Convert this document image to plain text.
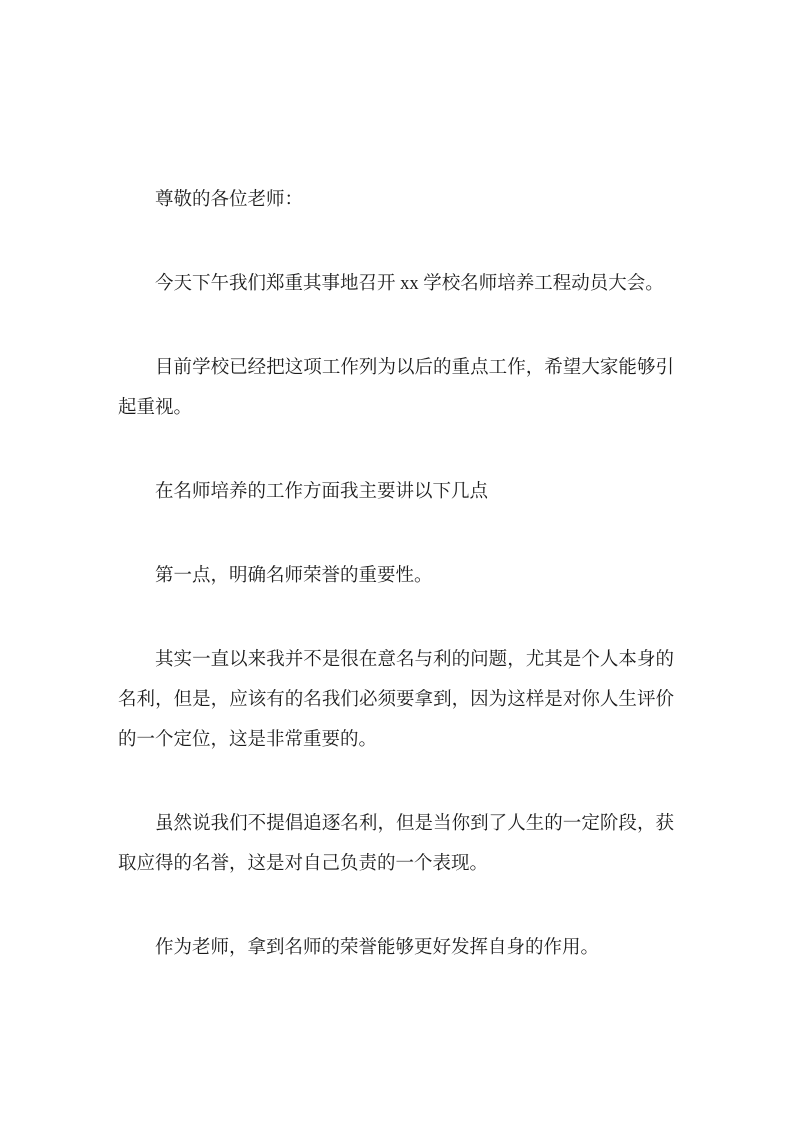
尊敬的各位老师：

今天下午我们郑重其事地召开 xx 学校名师培养工程动员大会。

目前学校已经把这项工作列为以后的重点工作，希望大家能够引起重视。

在名师培养的工作方面我主要讲以下几点

第一点，明确名师荣誉的重要性。

其实一直以来我并不是很在意名与利的问题，尤其是个人本身的名利，但是，应该有的名我们必须要拿到，因为这样是对你人生评价的一个定位，这是非常重要的。

虽然说我们不提倡追逐名利，但是当你到了人生的一定阶段，获取应得的名誉，这是对自己负责的一个表现。

作为老师，拿到名师的荣誉能够更好发挥自身的作用。
